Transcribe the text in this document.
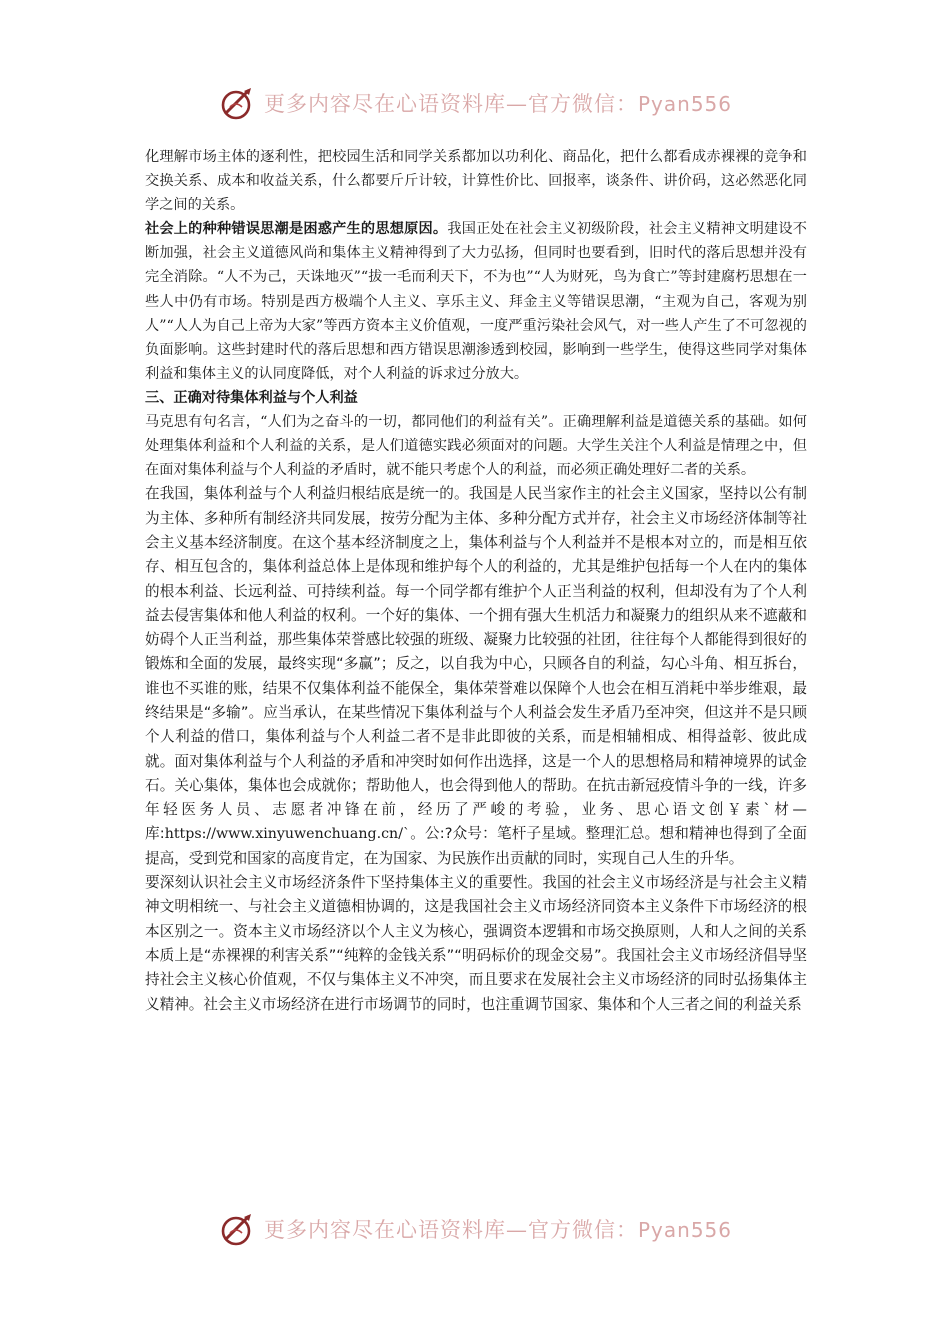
更多内容尽在心语资料库—官方微信：Pyan556

化理解市场主体的逐利性，把校园生活和同学关系都加以功利化、商品化，把什么都看成赤裸裸的竞争和交换关系、成本和收益关系，什么都要斤斤计较，计算性价比、回报率，谈条件、讲价码，这必然恶化同学之间的关系。

社会上的种种错误思潮是困惑产生的思想原因。我国正处在社会主义初级阶段，社会主义精神文明建设不断加强，社会主义道德风尚和集体主义精神得到了大力弘扬，但同时也要看到，旧时代的落后思想并没有完全消除。“人不为己，天诛地灭”“拔一毛而利天下，不为也”“人为财死，鸟为食亡”等封建腐朽思想在一些人中仍有市场。特别是西方极端个人主义、享乐主义、拜金主义等错误思潮，“主观为自己，客观为别人”“人人为自己上帝为大家”等西方资本主义价值观，一度严重污染社会风气，对一些人产生了不可忽视的负面影响。这些封建时代的落后思想和西方错误思潮渗透到校园，影响到一些学生，使得这些同学对集体利益和集体主义的认同度降低，对个人利益的诉求过分放大。

三、正确对待集体利益与个人利益

马克思有句名言，“人们为之奋斗的一切，都同他们的利益有关”。正确理解利益是道德关系的基础。如何处理集体利益和个人利益的关系，是人们道德实践必须面对的问题。大学生关注个人利益是情理之中，但在面对集体利益与个人利益的矛盾时，就不能只考虑个人的利益，而必须正确处理好二者的关系。

在我国，集体利益与个人利益归根结底是统一的。我国是人民当家作主的社会主义国家，坚持以公有制为主体、多种所有制经济共同发展，按劳分配为主体、多种分配方式并存，社会主义市场经济体制等社会主义基本经济制度。在这个基本经济制度之上，集体利益与个人利益并不是根本对立的，而是相互依存、相互包含的，集体利益总体上是体现和维护每个人的利益的，尤其是维护包括每一个人在内的集体的根本利益、长远利益、可持续利益。每一个同学都有维护个人正当利益的权利，但却没有为了个人利益去侵害集体和他人利益的权利。一个好的集体、一个拥有强大生机活力和凝聚力的组织从来不遮蔽和妨碍个人正当利益，那些集体荣誉感比较强的班级、凝聚力比较强的社团，往往每个人都能得到很好的锻炼和全面的发展，最终实现“多赢”；反之，以自我为中心，只顾各自的利益，勾心斗角、相互拆台，谁也不买谁的账，结果不仅集体利益不能保全，集体荣誉难以保障个人也会在相互消耗中举步维艰，最终结果是“多输”。应当承认，在某些情况下集体利益与个人利益会发生矛盾乃至冲突，但这并不是只顾个人利益的借口，集体利益与个人利益二者不是非此即彼的关系，而是相辅相成、相得益彰、彼此成就。面对集体利益与个人利益的矛盾和冲突时如何作出选择，这是一个人的思想格局和精神境界的试金石。关心集体，集体也会成就你；帮助他人，也会得到他人的帮助。在抗击新冠疫情斗争的一线，许多年轻医务人员、志愿者冲锋在前，经历了严峻的考验，业务、思心语文创￥素`材—库:https://www.xinyuwenchuang.cn/`。公:?众号：笔杆子星域。整理汇总。想和精神也得到了全面提高，受到党和国家的高度肯定，在为国家、为民族作出贡献的同时，实现自己人生的升华。

要深刻认识社会主义市场经济条件下坚持集体主义的重要性。我国的社会主义市场经济是与社会主义精神文明相统一、与社会主义道德相协调的，这是我国社会主义市场经济同资本主义条件下市场经济的根本区别之一。资本主义市场经济以个人主义为核心，强调资本逻辑和市场交换原则，人和人之间的关系本质上是“赤裸裸的利害关系”“纯粹的金钱关系”“明码标价的现金交易”。我国社会主义市场经济倡导坚持社会主义核心价值观，不仅与集体主义不冲突，而且要求在发展社会主义市场经济的同时弘扬集体主义精神。社会主义市场经济在进行市场调节的同时，也注重调节国家、集体和个人三者之间的利益关系

更多内容尽在心语资料库—官方微信：Pyan556
